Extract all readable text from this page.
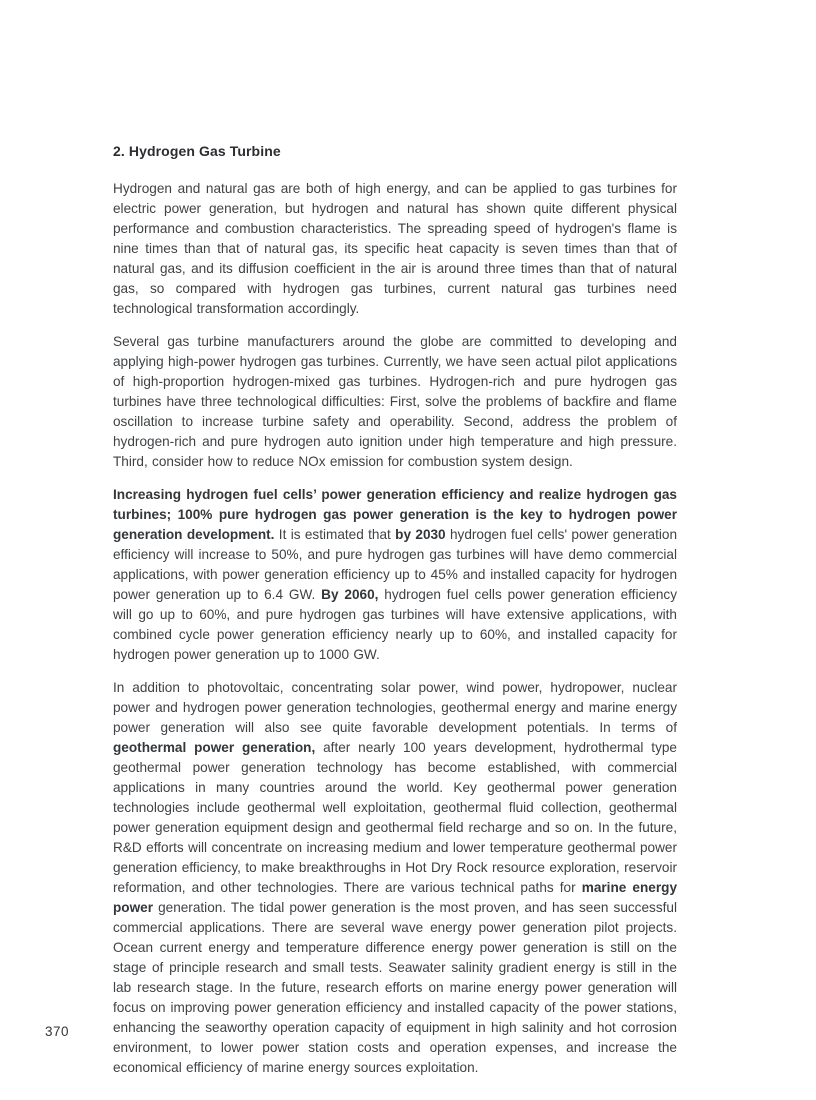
2. Hydrogen Gas Turbine

Hydrogen and natural gas are both of high energy, and can be applied to gas turbines for electric power generation, but hydrogen and natural has shown quite different physical performance and combustion characteristics. The spreading speed of hydrogen's flame is nine times than that of natural gas, its specific heat capacity is seven times than that of natural gas, and its diffusion coefficient in the air is around three times than that of natural gas, so compared with hydrogen gas turbines, current natural gas turbines need technological transformation accordingly.

Several gas turbine manufacturers around the globe are committed to developing and applying high-power hydrogen gas turbines. Currently, we have seen actual pilot applications of high-proportion hydrogen-mixed gas turbines. Hydrogen-rich and pure hydrogen gas turbines have three technological difficulties: First, solve the problems of backfire and flame oscillation to increase turbine safety and operability. Second, address the problem of hydrogen-rich and pure hydrogen auto ignition under high temperature and high pressure. Third, consider how to reduce NOx emission for combustion system design.

Increasing hydrogen fuel cells’ power generation efficiency and realize hydrogen gas turbines; 100% pure hydrogen gas power generation is the key to hydrogen power generation development. It is estimated that by 2030 hydrogen fuel cells' power generation efficiency will increase to 50%, and pure hydrogen gas turbines will have demo commercial applications, with power generation efficiency up to 45% and installed capacity for hydrogen power generation up to 6.4 GW. By 2060, hydrogen fuel cells power generation efficiency will go up to 60%, and pure hydrogen gas turbines will have extensive applications, with combined cycle power generation efficiency nearly up to 60%, and installed capacity for hydrogen power generation up to 1000 GW.

In addition to photovoltaic, concentrating solar power, wind power, hydropower, nuclear power and hydrogen power generation technologies, geothermal energy and marine energy power generation will also see quite favorable development potentials. In terms of geothermal power generation, after nearly 100 years development, hydrothermal type geothermal power generation technology has become established, with commercial applications in many countries around the world. Key geothermal power generation technologies include geothermal well exploitation, geothermal fluid collection, geothermal power generation equipment design and geothermal field recharge and so on. In the future, R&D efforts will concentrate on increasing medium and lower temperature geothermal power generation efficiency, to make breakthroughs in Hot Dry Rock resource exploration, reservoir reformation, and other technologies. There are various technical paths for marine energy power generation. The tidal power generation is the most proven, and has seen successful commercial applications. There are several wave energy power generation pilot projects. Ocean current energy and temperature difference energy power generation is still on the stage of principle research and small tests. Seawater salinity gradient energy is still in the lab research stage. In the future, research efforts on marine energy power generation will focus on improving power generation efficiency and installed capacity of the power stations, enhancing the seaworthy operation capacity of equipment in high salinity and hot corrosion environment, to lower power station costs and operation expenses, and increase the economical efficiency of marine energy sources exploitation.

370
